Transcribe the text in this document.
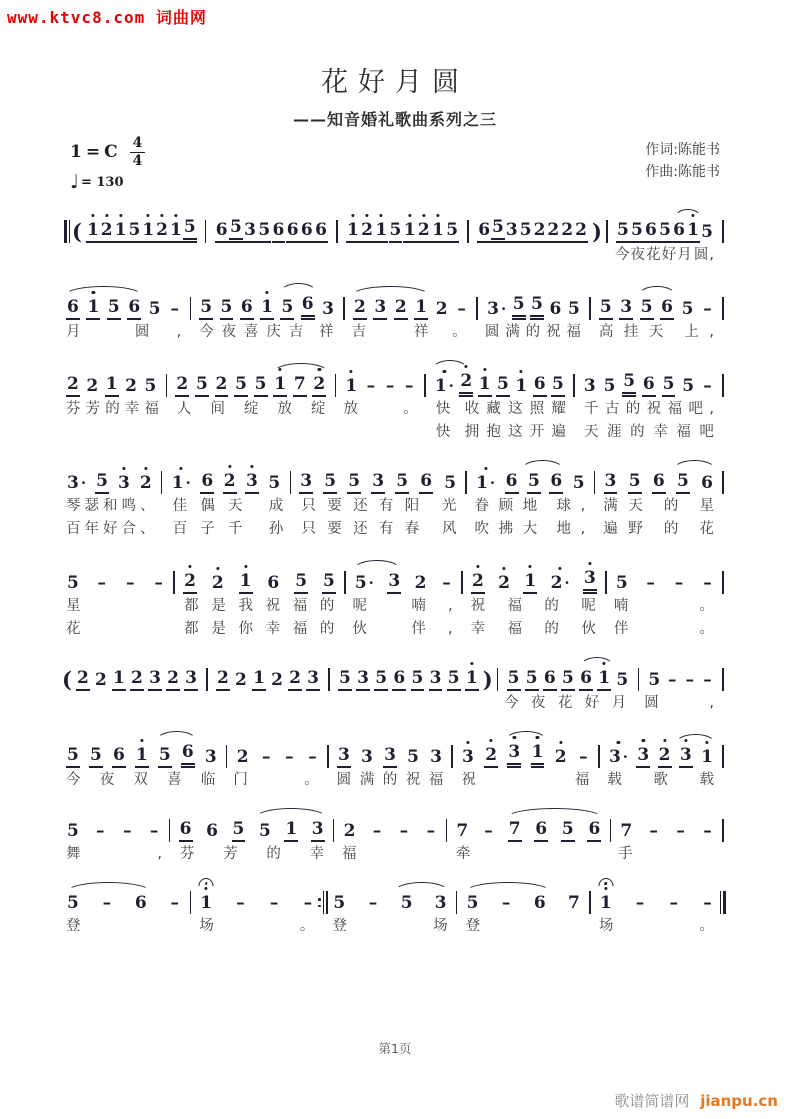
www.ktvc8.com 词曲网
花好月圆
——知音婚礼歌曲系列之三
1 = C $\frac{4}{4}$
♩ = 130
作词:陈能书
作曲:陈能书
( 1 2 1 5 1 2 1 5 6 5 3 5 6 6 6 6 1 2 1 5 1 2 1 5 6 5 3 5 2 2 2 2 ) 5 5 6 5 6 1 5
今 夜 花 好 月 圆 ,
6 1 5 6 5 – 5 5 6 1 5 6 3 2 3 2 1 2 – 3 · 5 5 6 5 5 3 5 6 5 –
月	圆 , 今 夜 喜 庆 吉 祥 吉	祥 。 圆 满 的 祝 福 高 挂 天 上 ,
2 2 1 2 5 2 5 2 5 5 1 7 2 1 – – – 1 · 2 1 5 1 6 5 3 5 5 6 5 5 –
芬 芳 的 幸 福 人 间 绽 放 绽 放	。 快 收 藏 这 照 耀 千 古 的 祝 福 吧 ,
快 拥 抱 这 开 遍 天 涯 的 幸 福 吧
3 · 5 3 2 1 · 6 2 3 5 3 5 5 3 5 6 5 1 · 6 5 6 5 3 5 6 5 6
琴 瑟 和 鸣 、 佳 偶 天 成 只 要 还 有 阳 光 眷 顾 地 球 , 满 天 的 星
百 年 好 合 、 百 子 千 孙 只 要 还 有 春 风 吹 拂 大 地 , 遍 野 的 花
5 – – – 2 2 1 6 5 5 5 · 3 2 – 2 2 1 2 · 3 5 – – –
星	都 是 我 祝 福 的 呢	喃 , 祝 福 的 呢 喃	。
花	都 是 你 幸 福 的 伙	伴 , 幸 福 的 伙 伴	。
( 2 2 1 2 3 2 3 2 2 1 2 2 3 5 3 5 6 5 3 5 1 ) 5 5 6 5 6 1 5 5 – – –
今 夜 花 好 月 圆	,
5 5 6 1 5 6 3 2 – – – 3 3 3 5 3 3 2 3 1 2 – 3 · 3 2 3 1
今 夜 双 喜 临 门	。 圆 满 的 祝 福 祝	福 载 歌 载
5 – – – 6 6 5 5 1 3 2 – – – 7 – 7 6 5 6 7 – – –
舞	, 芬 芳 的 幸 福	牵	手
5 – 6 – 1 – – – 5 – 5 3 5 – 6 7 1 – – –
登	场	。 登	场 登	场	。
第1页
歌谱简谱网 jianpu.cn
